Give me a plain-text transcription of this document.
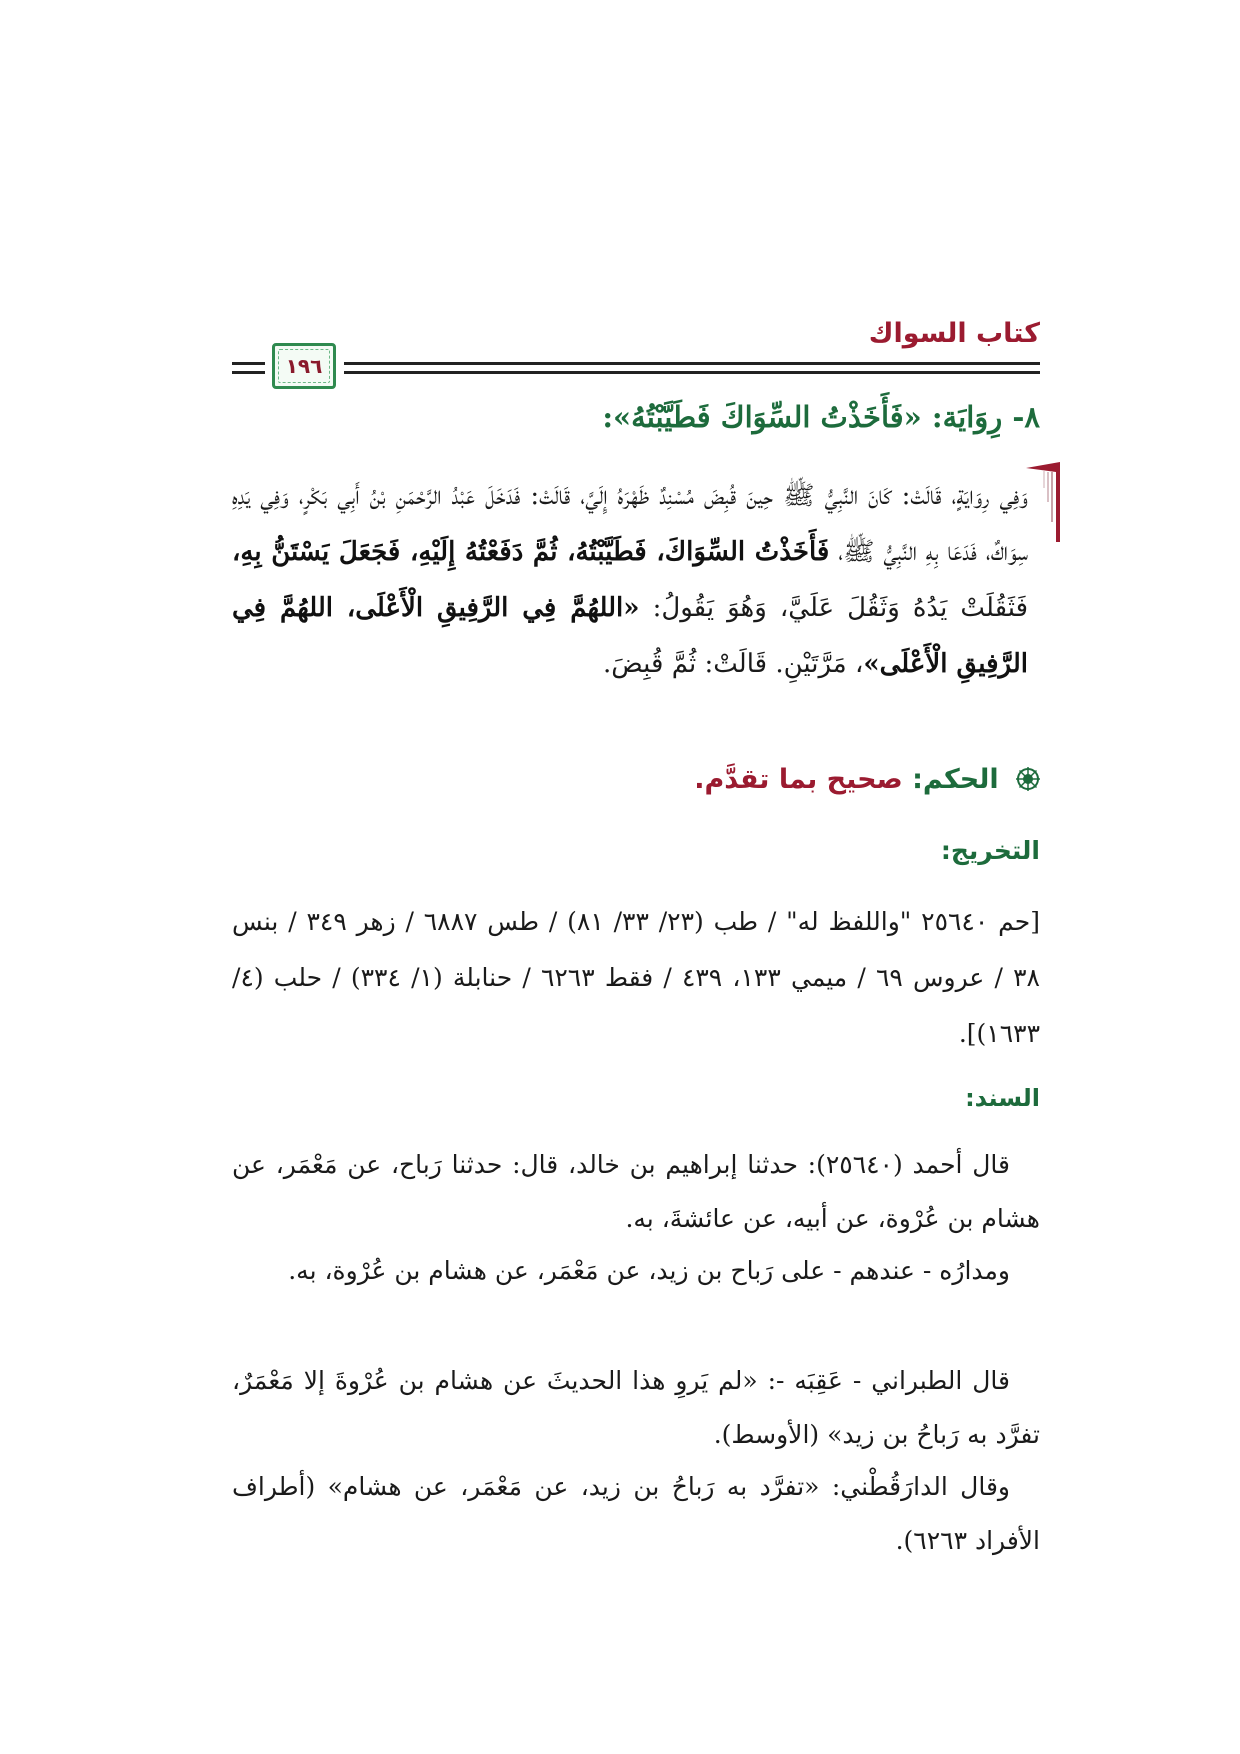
كتاب السواك
١٩٦
٨- رِوَايَة: «فَأَخَذْتُ السِّوَاكَ فَطَيَّبْتُهُ»:
وَفِي رِوَايَةٍ، قَالَتْ: كَانَ النَّبِيُّ ﷺ حِينَ قُبِضَ مُسْنِدٌ ظَهْرَهُ إِلَيَّ، قَالَتْ: فَدَخَلَ عَبْدُ الرَّحْمَنِ بْنُ أَبِي بَكْرٍ، وَفِي يَدِهِ سِوَاكٌ، فَدَعَا بِهِ النَّبِيُّ ﷺ، فَأَخَذْتُ السِّوَاكَ، فَطَيَّبْتُهُ، ثُمَّ دَفَعْتُهُ إِلَيْهِ، فَجَعَلَ يَسْتَنُّ بِهِ، فَثَقُلَتْ يَدُهُ وَثَقُلَ عَلَيَّ، وَهُوَ يَقُولُ: «اللهُمَّ فِي الرَّفِيقِ الْأَعْلَى، اللهُمَّ فِي الرَّفِيقِ الْأَعْلَى»، مَرَّتَيْنِ. قَالَتْ: ثُمَّ قُبِضَ.
الحكم: صحيح بما تقدَّم.
التخريج:
[حم ٢٥٦٤٠ "واللفظ له" / طب (٢٣/ ٣٣/ ٨١) / طس ٦٨٨٧ / زهر ٣٤٩ / بنس ٣٨ / عروس ٦٩ / ميمي ١٣٣، ٤٣٩ / فقط ٦٢٦٣ / حنابلة (١/ ٣٣٤) / حلب (٤/ ١٦٣٣)].
السند:
قال أحمد (٢٥٦٤٠): حدثنا إبراهيم بن خالد، قال: حدثنا رَباح، عن مَعْمَر، عن هشام بن عُرْوة، عن أبيه، عن عائشةَ، به.
ومدارُه - عندهم - على رَباح بن زيد، عن مَعْمَر، عن هشام بن عُرْوة، به.
قال الطبراني - عَقِبَه -: «لم يَروِ هذا الحديثَ عن هشام بن عُرْوةَ إلا مَعْمَرٌ، تفرَّد به رَباحُ بن زيد» (الأوسط).
وقال الدارَقُطْني: «تفرَّد به رَباحُ بن زيد، عن مَعْمَر، عن هشام» (أطراف الأفراد ٦٢٦٣).
